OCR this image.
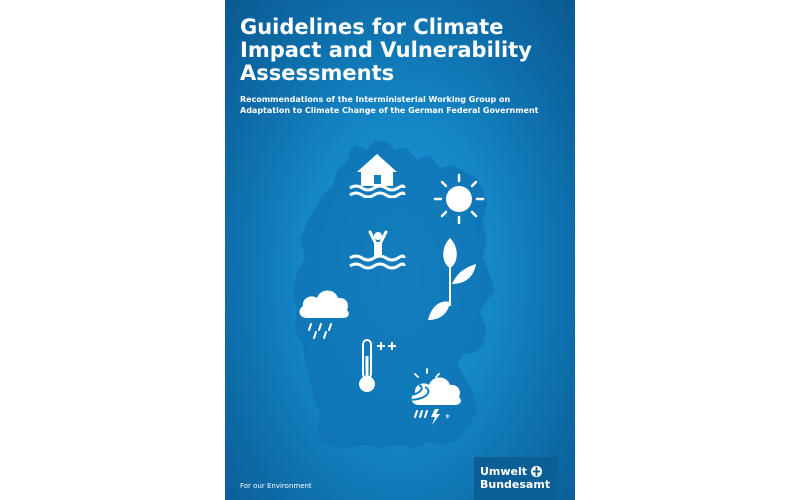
Guidelines for Climate
Impact and Vulnerability
Assessments
Recommendations of the Interministerial Working Group on
Adaptation to Climate Change of the German Federal Government
*
For our Environment
Umwelt
Bundesamt
